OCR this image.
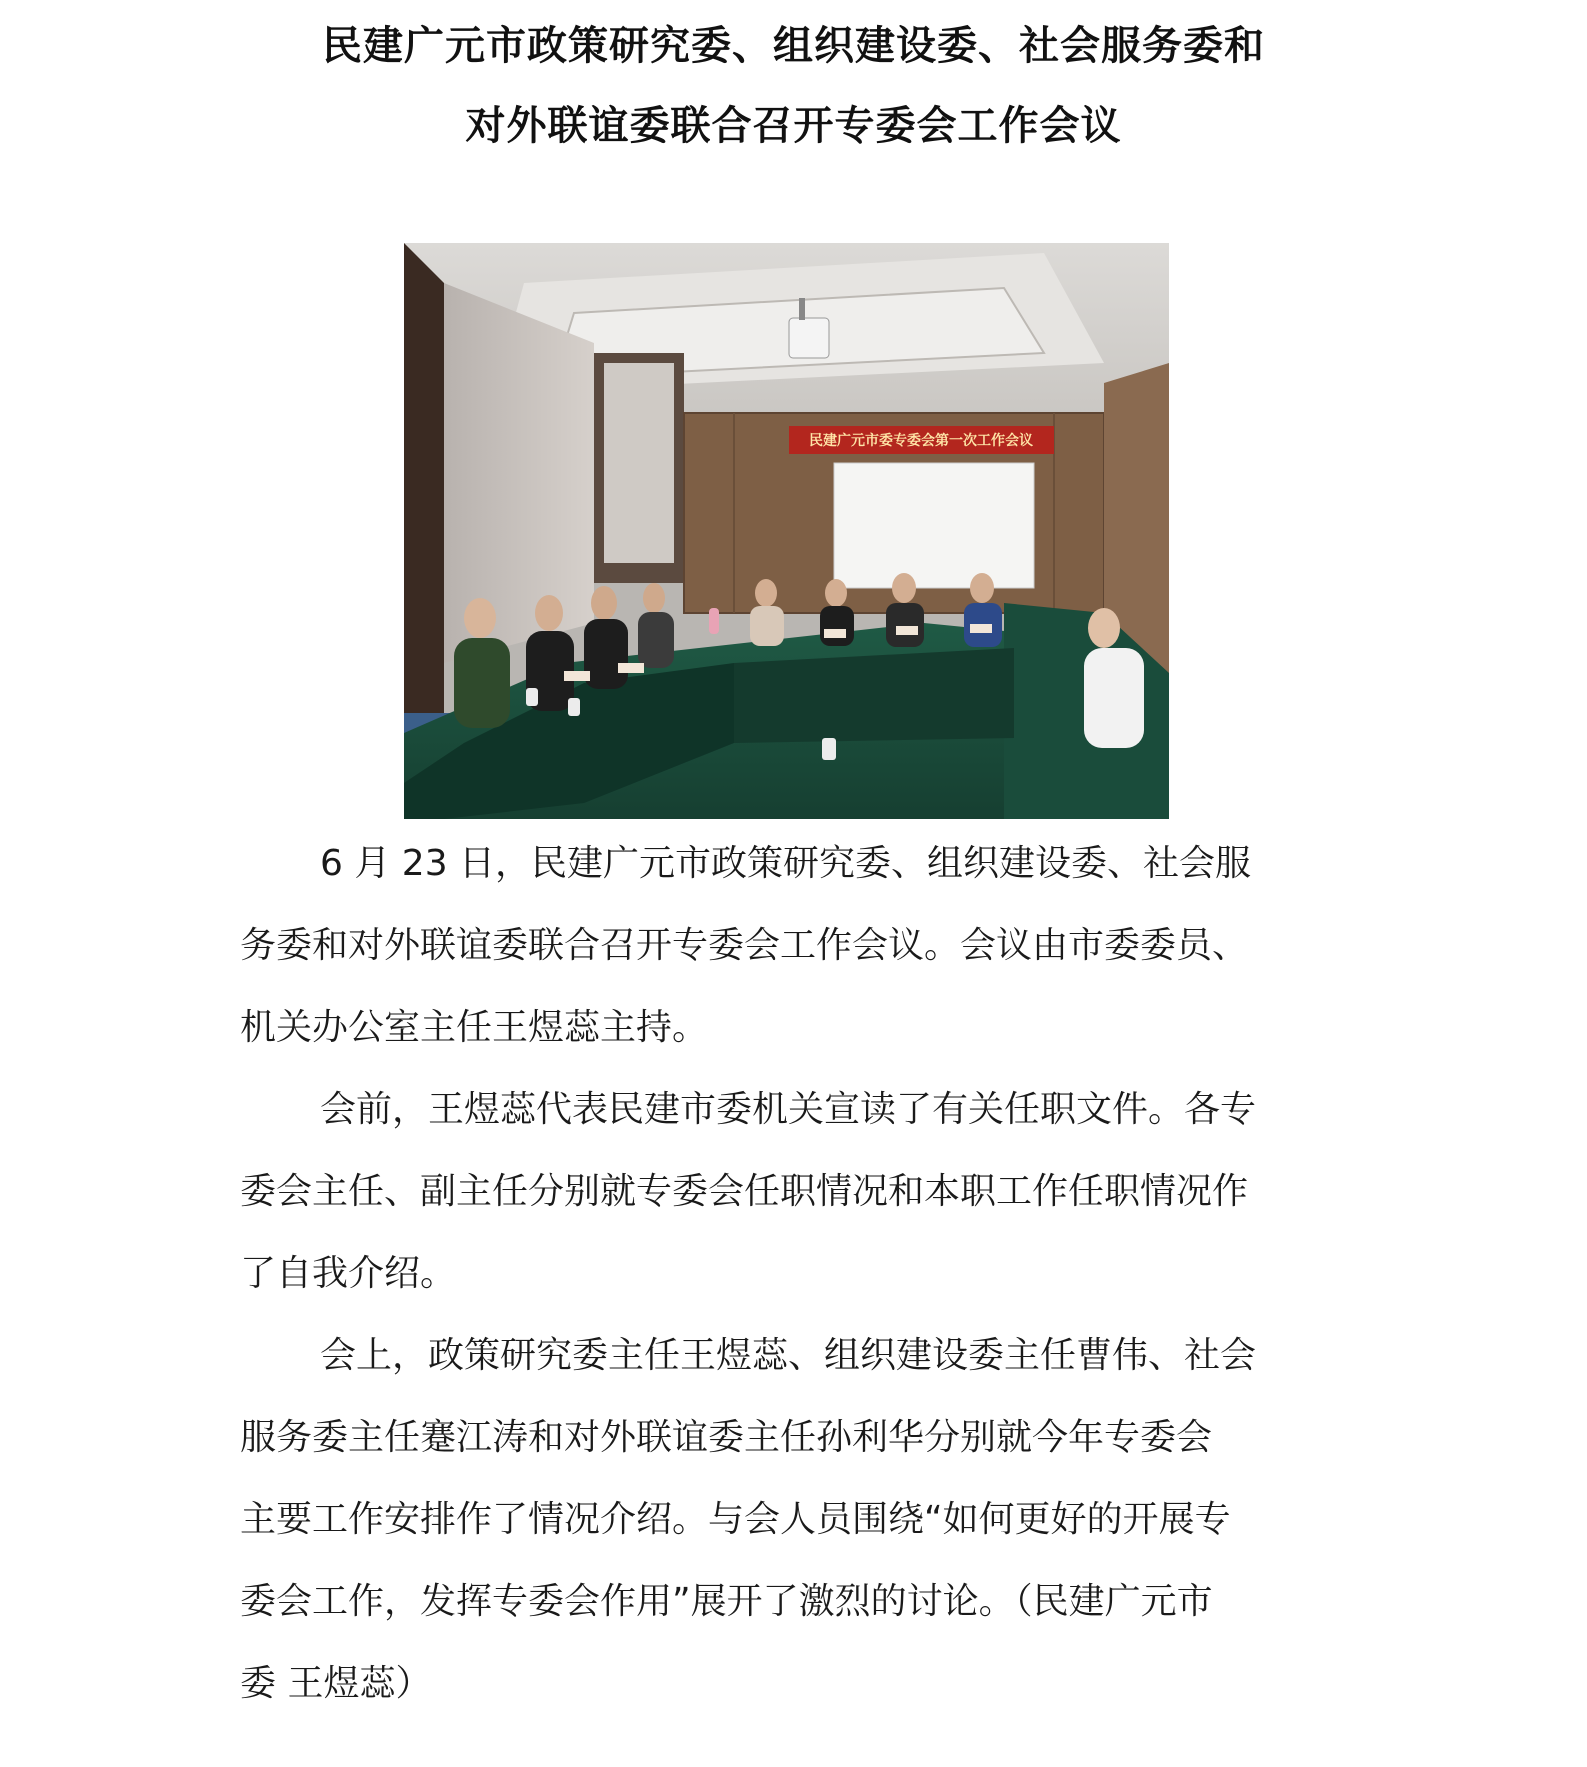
民建广元市政策研究委、组织建设委、社会服务委和
对外联谊委联合召开专委会工作会议
民建广元市委专委会第一次工作会议
6 月 23 日，民建广元市政策研究委、组织建设委、社会服
务委和对外联谊委联合召开专委会工作会议。会议由市委委员、
机关办公室主任王煜蕊主持。
会前，王煜蕊代表民建市委机关宣读了有关任职文件。各专
委会主任、副主任分别就专委会任职情况和本职工作任职情况作
了自我介绍。
会上，政策研究委主任王煜蕊、组织建设委主任曹伟、社会
服务委主任蹇江涛和对外联谊委主任孙利华分别就今年专委会
主要工作安排作了情况介绍。与会人员围绕“如何更好的开展专
委会工作，发挥专委会作用”展开了激烈的讨论。（民建广元市
委 王煜蕊）
